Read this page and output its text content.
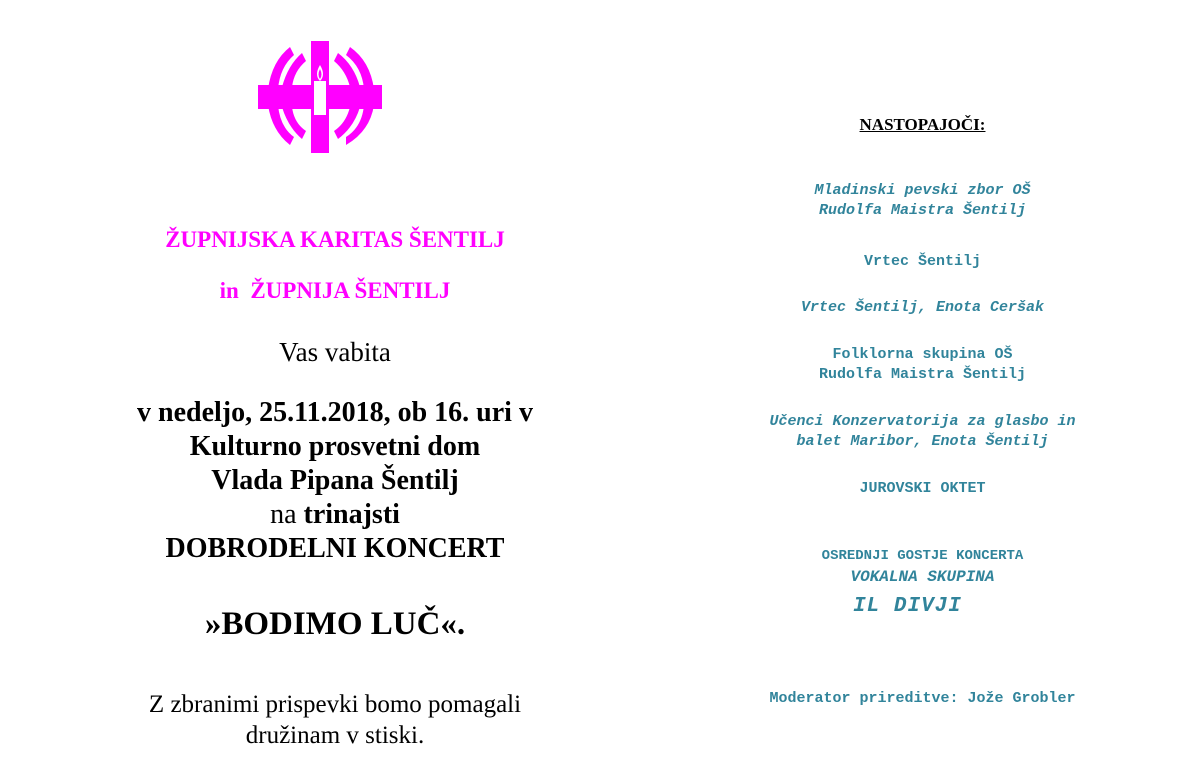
ŽUPNIJSKA KARITAS ŠENTILJ
in  ŽUPNIJA ŠENTILJ
Vas vabita
v nedeljo, 25.11.2018, ob 16. uri v
Kulturno prosvetni dom
Vlada Pipana Šentilj
na trinajsti
DOBRODELNI KONCERT
»BODIMO LUČ«.
Z zbranimi prispevki bomo pomagali
družinam v stiski.
NASTOPAJOČI:
Mladinski pevski zbor OŠ
Rudolfa Maistra Šentilj
Vrtec Šentilj
Vrtec Šentilj, Enota Ceršak
Folklorna skupina OŠ
Rudolfa Maistra Šentilj
Učenci Konzervatorija za glasbo in
balet Maribor, Enota Šentilj
JUROVSKI OKTET
OSREDNJI GOSTJE KONCERTA
VOKALNA SKUPINA
IL DIVJI
Moderator prireditve: Jože Grobler
